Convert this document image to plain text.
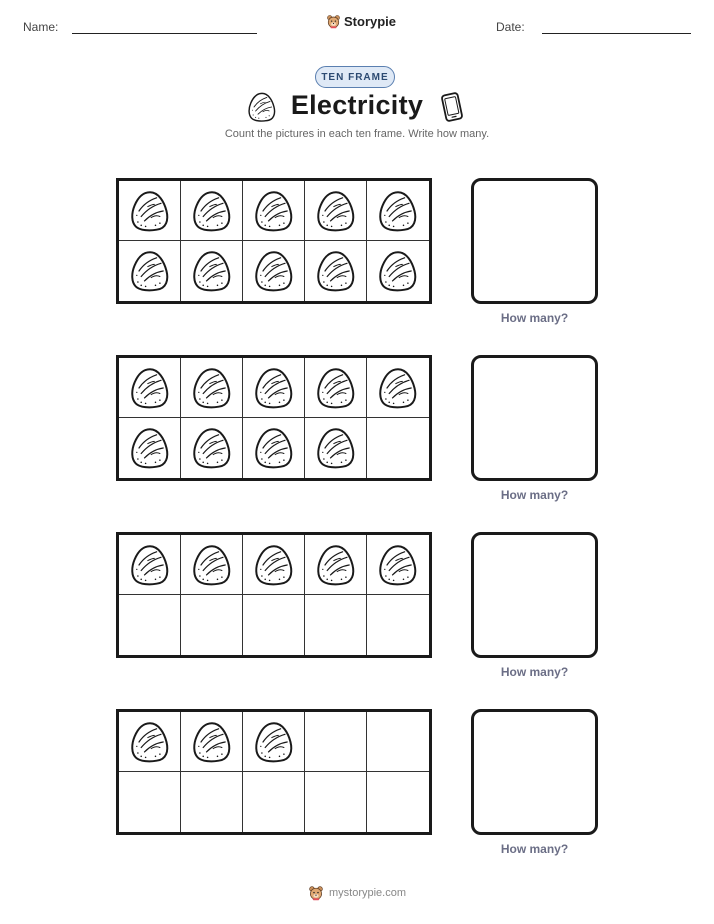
Name:	Storypie	Date:
TEN FRAME
Electricity
Count the pictures in each ten frame. Write how many.
How many?
How many?
How many?
How many?
mystorypie.com
